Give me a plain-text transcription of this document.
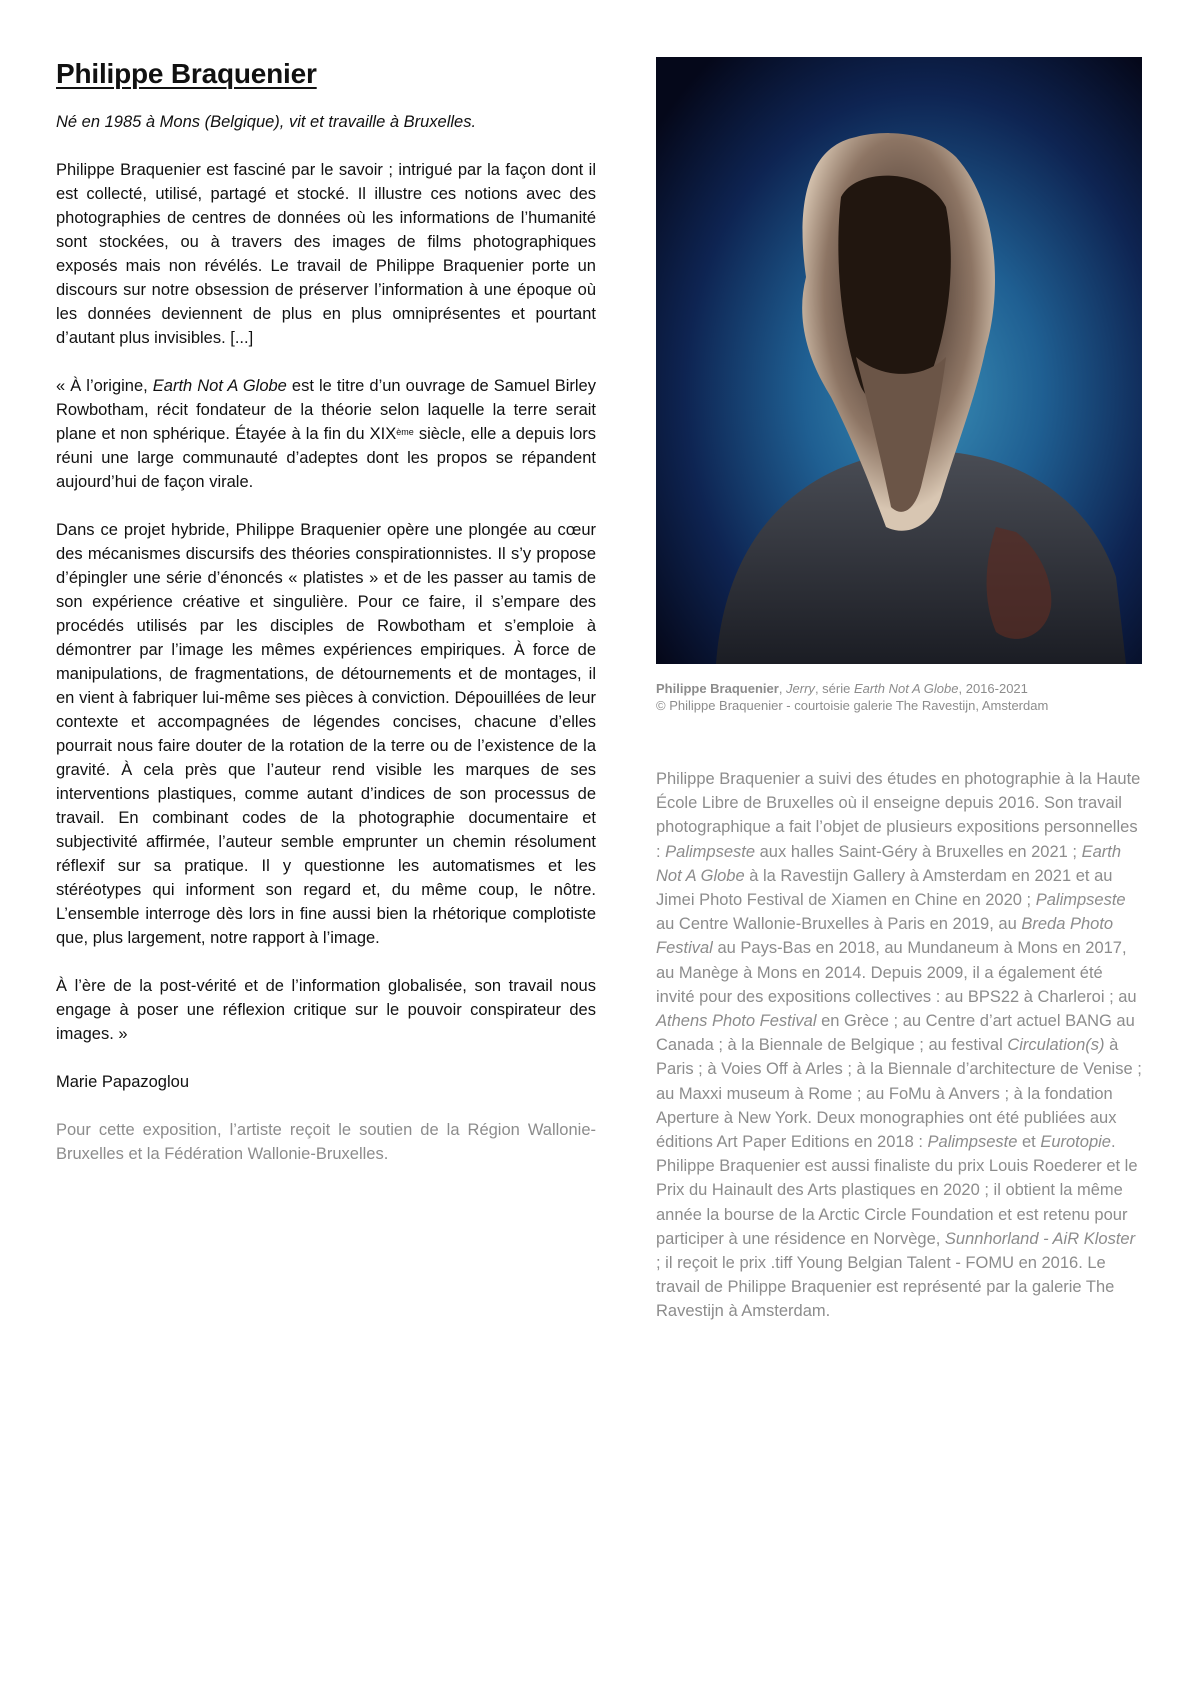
Philippe Braquenier

Né en 1985 à Mons (Belgique), vit et travaille à Bruxelles.

Philippe Braquenier est fasciné par le savoir ; intrigué par la façon dont il est collecté, utilisé, partagé et stocké. Il illustre ces notions avec des photographies de centres de données où les informations de l’humanité sont stockées, ou à travers des images de films photographiques exposés mais non révélés. Le travail de Philippe Braquenier porte un discours sur notre obsession de préserver l’information à une époque où les données deviennent de plus en plus omniprésentes et pourtant d’autant plus invisibles. [...]

« À l’origine, Earth Not A Globe est le titre d’un ouvrage de Samuel Birley Rowbotham, récit fondateur de la théorie selon laquelle la terre serait plane et non sphérique. Étayée à la fin du XIXème siècle, elle a depuis lors réuni une large communauté d’adeptes dont les propos se répandent aujourd’hui de façon virale.

Dans ce projet hybride, Philippe Braquenier opère une plongée au cœur des mécanismes discursifs des théories conspirationnistes. Il s’y propose d’épingler une série d’énoncés « platistes » et de les passer au tamis de son expérience créative et singulière. Pour ce faire, il s’empare des procédés utilisés par les disciples de Rowbotham et s’emploie à démontrer par l’image les mêmes expériences empiriques. À force de manipulations, de fragmentations, de détournements et de montages, il en vient à fabriquer lui-même ses pièces à conviction. Dépouillées de leur contexte et accompagnées de légendes concises, chacune d’elles pourrait nous faire douter de la rotation de la terre ou de l’existence de la gravité. À cela près que l’auteur rend visible les marques de ses interventions plastiques, comme autant d’indices de son processus de travail. En combinant codes de la photographie documentaire et subjectivité affirmée, l’auteur semble emprunter un chemin résolument réflexif sur sa pratique. Il y questionne les automatismes et les stéréotypes qui informent son regard et, du même coup, le nôtre. L’ensemble interroge dès lors in fine aussi bien la rhétorique complotiste que, plus largement, notre rapport à l’image.

À l’ère de la post-vérité et de l’information globalisée, son travail nous engage à poser une réflexion critique sur le pouvoir conspirateur des images. »

Marie Papazoglou

Pour cette exposition, l’artiste reçoit le soutien de la Région Wallonie-Bruxelles et la Fédération Wallonie-Bruxelles.

Philippe Braquenier, Jerry, série Earth Not A Globe, 2016-2021
© Philippe Braquenier - courtoisie galerie The Ravestijn, Amsterdam

Philippe Braquenier a suivi des études en photographie à la Haute École Libre de Bruxelles où il enseigne depuis 2016. Son travail photographique a fait l’objet de plusieurs expositions personnelles : Palimpseste aux halles Saint-Géry à Bruxelles en 2021 ; Earth Not A Globe à la Ravestijn Gallery à Amsterdam en 2021 et au Jimei Photo Festival de Xiamen en Chine en 2020 ; Palimpseste au Centre Wallonie-Bruxelles à Paris en 2019, au Breda Photo Festival au Pays-Bas en 2018, au Mundaneum à Mons en 2017, au Manège à Mons en 2014. Depuis 2009, il a également été invité pour des expositions collectives : au BPS22 à Charleroi ; au Athens Photo Festival en Grèce ; au Centre d’art actuel BANG au Canada ; à la Biennale de Belgique ; au festival Circulation(s) à Paris ; à Voies Off à Arles ; à la Biennale d’architecture de Venise ; au Maxxi museum à Rome ; au FoMu à Anvers ; à la fondation Aperture à New York. Deux monographies ont été publiées aux éditions Art Paper Editions en 2018 : Palimpseste et Eurotopie. Philippe Braquenier est aussi finaliste du prix Louis Roederer et le Prix du Hainault des Arts plastiques en 2020 ; il obtient la même année la bourse de la Arctic Circle Foundation et est retenu pour participer à une résidence en Norvège, Sunnhorland - AiR Kloster ; il reçoit le prix .tiff Young Belgian Talent - FOMU en 2016. Le travail de Philippe Braquenier est représenté par la galerie The Ravestijn à Amsterdam.
